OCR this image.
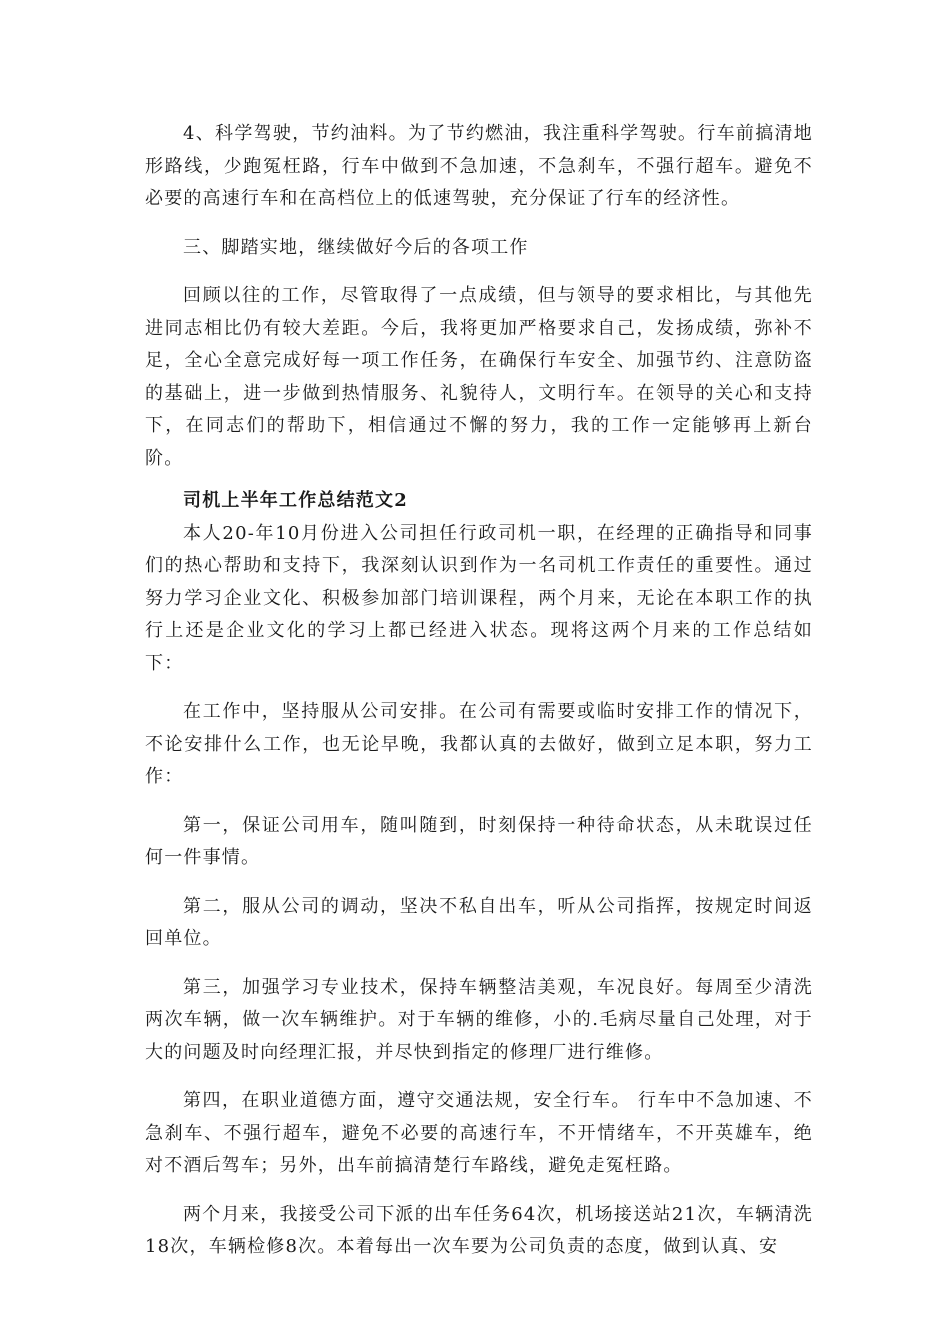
4、科学驾驶，节约油料。为了节约燃油，我注重科学驾驶。行车前搞清地形路线，少跑冤枉路，行车中做到不急加速，不急刹车，不强行超车。避免不必要的高速行车和在高档位上的低速驾驶，充分保证了行车的经济性。

三、脚踏实地，继续做好今后的各项工作

回顾以往的工作，尽管取得了一点成绩，但与领导的要求相比，与其他先进同志相比仍有较大差距。今后，我将更加严格要求自己，发扬成绩，弥补不足，全心全意完成好每一项工作任务，在确保行车安全、加强节约、注意防盗的基础上，进一步做到热情服务、礼貌待人，文明行车。在领导的关心和支持下，在同志们的帮助下，相信通过不懈的努力，我的工作一定能够再上新台阶。

司机上半年工作总结范文2

本人20-年10月份进入公司担任行政司机一职，在经理的正确指导和同事们的热心帮助和支持下，我深刻认识到作为一名司机工作责任的重要性。通过努力学习企业文化、积极参加部门培训课程，两个月来，无论在本职工作的执行上还是企业文化的学习上都已经进入状态。现将这两个月来的工作总结如下：

在工作中，坚持服从公司安排。在公司有需要或临时安排工作的情况下，不论安排什么工作，也无论早晚，我都认真的去做好，做到立足本职，努力工作：

第一，保证公司用车，随叫随到，时刻保持一种待命状态，从未耽误过任何一件事情。

第二，服从公司的调动，坚决不私自出车，听从公司指挥，按规定时间返回单位。

第三，加强学习专业技术，保持车辆整洁美观，车况良好。每周至少清洗两次车辆，做一次车辆维护。对于车辆的维修，小的.毛病尽量自己处理，对于大的问题及时向经理汇报，并尽快到指定的修理厂进行维修。

第四，在职业道德方面，遵守交通法规，安全行车。 行车中不急加速、不急刹车、不强行超车，避免不必要的高速行车，不开情绪车，不开英雄车，绝对不酒后驾车；另外，出车前搞清楚行车路线，避免走冤枉路。

两个月来，我接受公司下派的出车任务64次，机场接送站21次，车辆清洗18次，车辆检修8次。本着每出一次车要为公司负责的态度，做到认真、安
